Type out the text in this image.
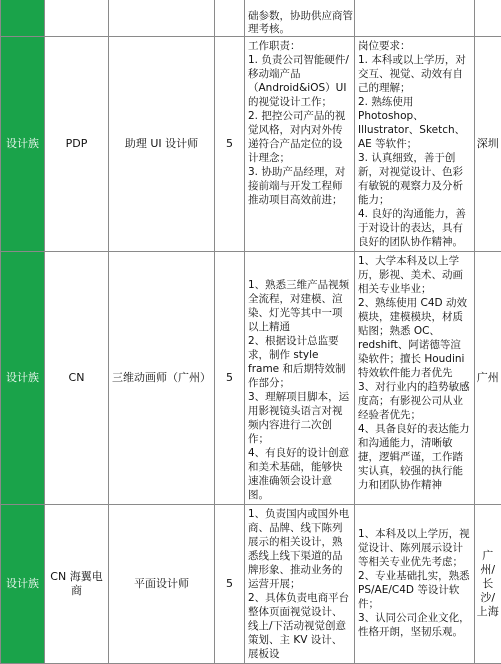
				础参数，协助供应商管
理考核。		

设计族	PDP	助理 UI 设计师	5	工作职责：
1. 负责公司智能硬件/移动端产品（Android&iOS）UI 的视觉设计工作；
2. 把控公司产品的视觉风格，对内对外传递符合产品定位的设计理念；
3. 协助产品经理，对接前端与开发工程师推动项目高效前进；	岗位要求：
1. 本科或以上学历，对交互、视觉、动效有自己的理解；
2. 熟练使用 Photoshop、Illustrator、Sketch、AE 等软件；
3. 认真细致，善于创新，对视觉设计、色彩有敏锐的观察力及分析能力；
4. 良好的沟通能力，善于对设计的表达，具有良好的团队协作精神。	深圳
设计族	CN	三维动画师（广州）	5	1、熟悉三维产品视频全流程，对建模、渲染、灯光等其中一项以上精通
2、根据设计总监要求，制作 style frame 和后期特效制作部分；
3、理解项目脚本，运用影视镜头语言对视频内容进行二次创作；
4、有良好的设计创意和美术基础，能够快速准确领会设计意图。	1、大学本科及以上学历，影视、美术、动画相关专业毕业；
2、熟练使用 C4D 动效模块，建模模块，材质贴图；熟悉 OC、redshift、阿诺德等渲染软件；擅长 Houdini 特效软件能力者优先
3、对行业内的趋势敏感度高；有影视公司从业经验者优先；
4、具备良好的表达能力和沟通能力，清晰敏捷，逻辑严谨，工作踏实认真，较强的执行能力和团队协作精神	广州
设计族	CN 海翼电商	平面设计师	5	1、负责国内或国外电商、品牌、线下陈列展示的相关设计，熟悉线上线下渠道的品牌形象、推动业务的运营开展；
2、具体负责电商平台整体页面视觉设计、线上/下活动视觉创意策划、主 KV 设计、展板设	1、本科及以上学历，视觉设计、陈列展示设计等相关专业优先考虑；
2、专业基础扎实，熟悉 PS/AE/C4D 等设计软件；
3、认同公司企业文化，性格开朗，坚韧乐观。	广州/长沙/上海
